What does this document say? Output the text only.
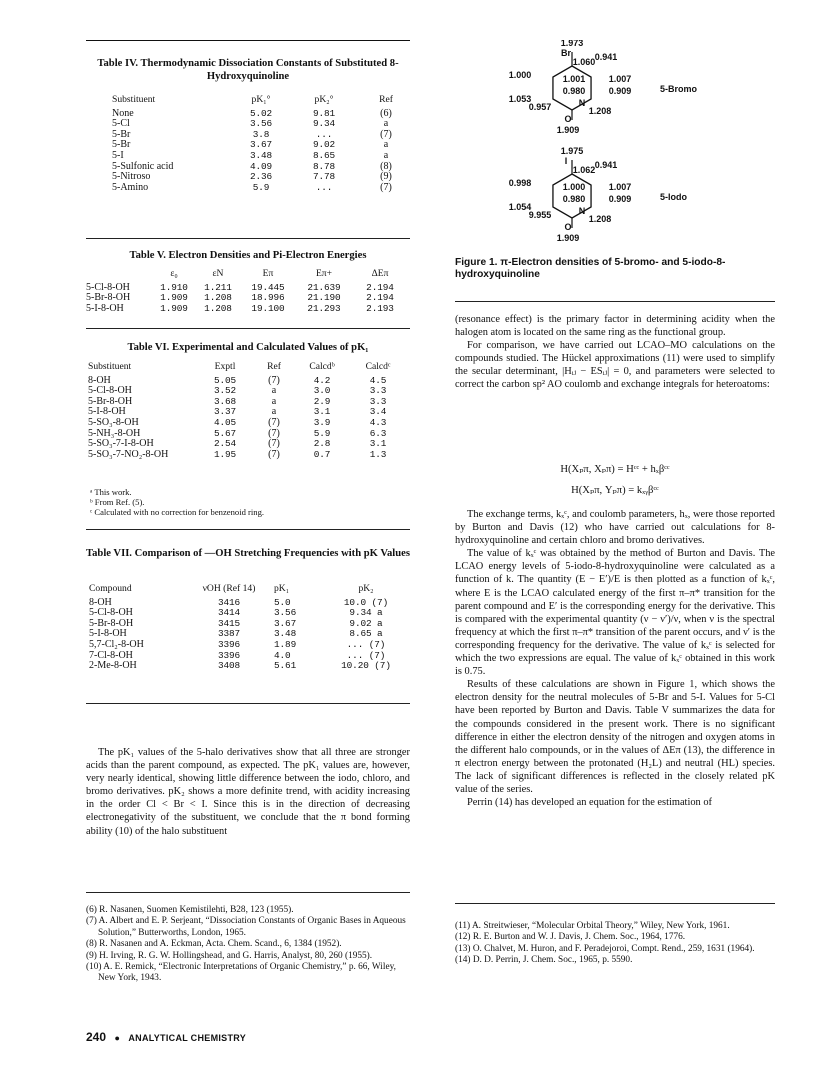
Table IV. Thermodynamic Dissociation Constants of Substituted 8-Hydroxyquinoline
Substituent	pK₁°	pK₂°	Ref
None	5.02	9.81	(6)
5-Cl	3.56	9.34	a
5-Br	3.8	...	(7)
5-Br	3.67	9.02	a
5-I	3.48	8.65	a
5-Sulfonic acid	4.09	8.78	(8)
5-Nitroso	2.36	7.78	(9)
5-Amino	5.9	...	(7)
Table V. Electron Densities and Pi-Electron Energies
	ε₀	εN	Eπ	Eπ+	ΔEπ
5-Cl-8-OH	1.910	1.211	19.445	21.639	2.194
5-Br-8-OH	1.909	1.208	18.996	21.190	2.194
5-I-8-OH	1.909	1.208	19.100	21.293	2.193
Table VI. Experimental and Calculated Values of pK₁
Substituent	Exptl	Ref	Calcdᵇ	Calcdᶜ
8-OH	5.05	(7)	4.2	4.5
5-Cl-8-OH	3.52	a	3.0	3.3
5-Br-8-OH	3.68	a	2.9	3.3
5-I-8-OH	3.37	a	3.1	3.4
5-SO₃-8-OH	4.05	(7)	3.9	4.3
5-NH₃-8-OH	5.67	(7)	5.9	6.3
5-SO₃-7-I-8-OH	2.54	(7)	2.8	3.1
5-SO₃-7-NO₂-8-OH	1.95	(7)	0.7	1.3
ᵃ This work.
ᵇ From Ref. (5).
ᶜ Calculated with no correction for benzenoid ring.
Table VII. Comparison of —OH Stretching Frequencies with pK Values
Compound	νOH (Ref 14)	pK₁	pK₂
8-OH	3416	5.0	10.0 (7)
5-Cl-8-OH	3414	3.56	9.34 a
5-Br-8-OH	3415	3.67	9.02 a
5-I-8-OH	3387	3.48	8.65 a
5,7-Cl₂-8-OH	3396	1.89	... (7)
7-Cl-8-OH	3396	4.0	... (7)
2-Me-8-OH	3408	5.61	10.20 (7)

The pK₁ values of the 5-halo derivatives show that all three are stronger acids than the parent compound, as expected. The pK₁ values are, however, very nearly identical, showing little difference between the iodo, chloro, and bromo derivatives. pK₂ shows a more definite trend, with acidity increasing in the order Cl < Br < I. Since this is in the direction of decreasing electronegativity of the substituent, we conclude that the π bond forming ability (10) of the halo substituent

(6) R. Nasanen, Suomen Kemistilehti, B28, 123 (1955).
(7) A. Albert and E. P. Serjeant, “Dissociation Constants of Organic Bases in Aqueous Solution,” Butterworths, London, 1965.
(8) R. Nasanen and A. Eckman, Acta. Chem. Scand., 6, 1384 (1952).
(9) H. Irving, R. G. W. Hollingshead, and G. Harris, Analyst, 80, 260 (1955).
(10) A. E. Remick, “Electronic Interpretations of Organic Chemistry,” p. 66, Wiley, New York, 1943.
240 ● ANALYTICAL CHEMISTRY
1.973
Br
1.060 0.941
1.000	1.001	1.007
0.980	0.909
1.053
0.957	N
1.208
O
1.909
5-Bromo
1.975
I
1.062 0.941
0.998	1.000	1.007
0.980	0.909
1.054
9.955	N
1.208
O
1.909
5-Iodo
Figure 1. π-Electron densities of 5-bromo- and 5-iodo-8-hydroxyquinoline

(resonance effect) is the primary factor in determining acidity when the halogen atom is located on the same ring as the functional group.

For comparison, we have carried out LCAO–MO calculations on the compounds studied. The Hückel approximations (11) were used to simplify the secular determinant, |Hᵢⱼ − ESᵢⱼ| = 0, and parameters were selected to correct the carbon sp² AO coulomb and exchange integrals for heteroatoms:

H(Xₚπ, Xₚπ) = Hᶜᶜ + hₓβᶜᶜ
H(Xₚπ, Yₚπ) = kₓᵧβᶜᶜ

The exchange terms, kₓᶜ, and coulomb parameters, hₓ, were those reported by Burton and Davis (12) who have carried out calculations for 8-hydroxyquinoline and certain chloro and bromo derivatives.

The value of kₓᶜ was obtained by the method of Burton and Davis. The LCAO energy levels of 5-iodo-8-hydroxyquinoline were calculated as a function of k. The quantity (E − E′)/E is then plotted as a function of kₓᶜ, where E is the LCAO calculated energy of the first π–π* transition for the parent compound and E′ is the corresponding energy for the derivative. This is compared with the experimental quantity (ν − ν′)/ν, when ν is the spectral frequency at which the first π–π* transition of the parent occurs, and ν′ is the corresponding frequency for the derivative. The value of kₓᶜ is selected for which the two expressions are equal. The value of kₓᶜ obtained in this work is 0.75.

Results of these calculations are shown in Figure 1, which shows the electron density for the neutral molecules of 5-Br and 5-I. Values for 5-Cl have been reported by Burton and Davis. Table V summarizes the data for the compounds considered in the present work. There is no significant difference in either the electron density of the nitrogen and oxygen atoms in the different halo compounds, or in the values of ΔEπ (13), the difference in π electron energy between the protonated (H₂L) and neutral (HL) species. The lack of significant differences is reflected in the closely related pK value of the series.

Perrin (14) has developed an equation for the estimation of

(11) A. Streitwieser, “Molecular Orbital Theory,” Wiley, New York, 1961.
(12) R. E. Burton and W. J. Davis, J. Chem. Soc., 1964, 1776.
(13) O. Chalvet, M. Huron, and F. Peradejoroi, Compt. Rend., 259, 1631 (1964).
(14) D. D. Perrin, J. Chem. Soc., 1965, p. 5590.
